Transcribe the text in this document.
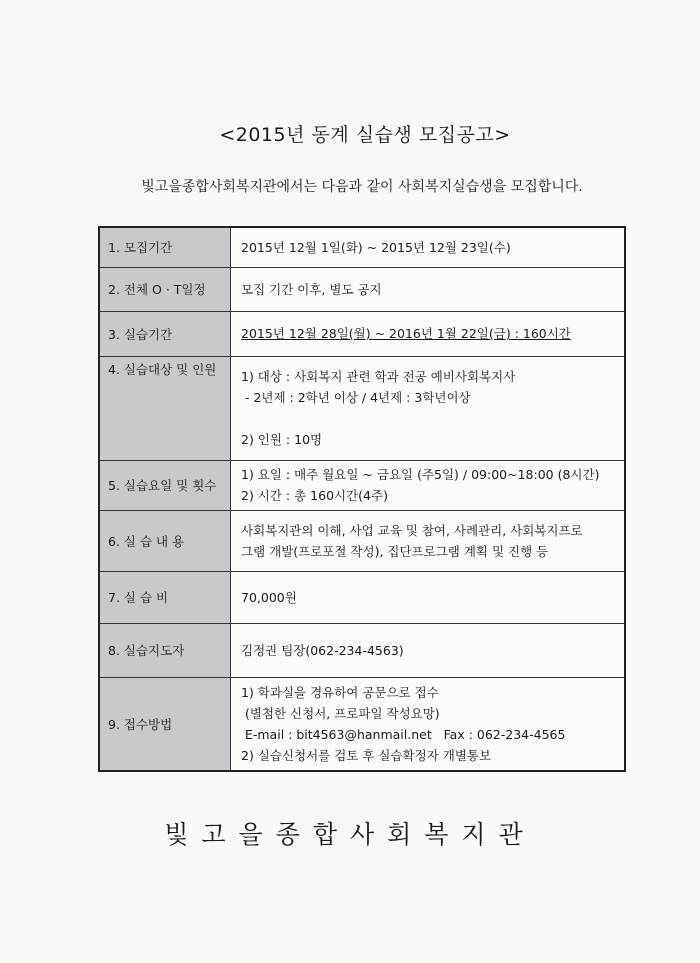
<2015년 동계 실습생 모집공고>
빛고을종합사회복지관에서는 다음과 같이 사회복지실습생을 모집합니다.
1. 모집기간	2015년 12월 1일(화) ~ 2015년 12월 23일(수)

2. 전체 O · T일정	모집 기간 이후, 별도 공지

3. 실습기간	2015년 12월 28일(월) ~ 2016년 1월 22일(금) : 160시간

4. 실습대상 및 인원	1) 대상 : 사회복지 관련 학과 전공 예비사회복지사
- 2년제 : 2학년 이상 / 4년제 : 3학년이상

2) 인원 : 10명

5. 실습요일 및 횟수	1) 요일 : 매주 월요일 ~ 금요일 (주5일) / 09:00~18:00 (8시간)
2) 시간 : 총 160시간(4주)

6. 실 습 내 용	사회복지관의 이해, 사업 교육 및 참여, 사례관리, 사회복지프로
그램 개발(프로포절 작성), 집단프로그램 계획 및 진행 등

7. 실 습 비	70,000원

8. 실습지도자	김정권 팀장(062-234-4563)

9. 접수방법	1) 학과실을 경유하여 공문으로 접수
(별첨한 신청서, 프로파일 작성요망)
E-mail : bit4563@hanmail.net   Fax : 062-234-4565
2) 실습신청서를 검토 후 실습확정자 개별통보
빛고을종합사회복지관
